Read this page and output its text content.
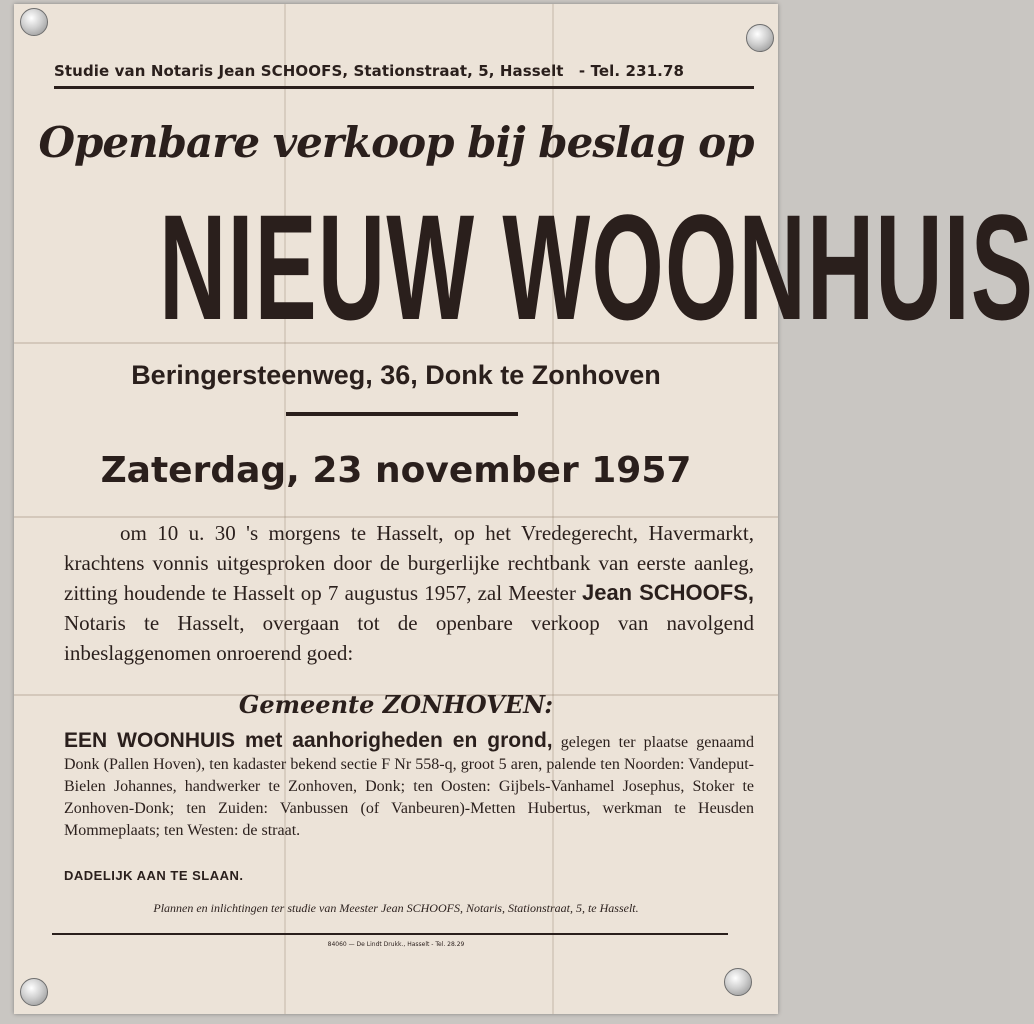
Studie van Notaris Jean SCHOOFS, Stationstraat, 5, Hasselt - Tel. 231.78
Openbare verkoop bij beslag op
NIEUW WOONHUIS
Beringersteenweg, 36, Donk te Zonhoven
Zaterdag, 23 november 1957
om 10 u. 30 's morgens te Hasselt, op het Vredegerecht, Havermarkt, krachtens vonnis uitgesproken door de burgerlijke rechtbank van eerste aanleg, zitting houdende te Hasselt op 7 augustus 1957, zal Meester Jean SCHOOFS, Notaris te Hasselt, overgaan tot de openbare verkoop van navolgend inbeslaggenomen onroerend goed:
Gemeente ZONHOVEN:
EEN WOONHUIS met aanhorigheden en grond, gelegen ter plaatse genaamd Donk (Pallen Hoven), ten kadaster bekend sectie F Nr 558-q, groot 5 aren, palende ten Noorden: Vandeput-Bielen Johannes, handwerker te Zonhoven, Donk; ten Oosten: Gijbels-Vanhamel Josephus, Stoker te Zonhoven-Donk; ten Zuiden: Vanbussen (of Vanbeuren)-Metten Hubertus, werkman te Heusden Mommeplaats; ten Westen: de straat.
DADELIJK AAN TE SLAAN.
Plannen en inlichtingen ter studie van Meester Jean SCHOOFS, Notaris, Stationstraat, 5, te Hasselt.
84060 — De Lindt Drukk., Hasselt - Tel. 28.29
